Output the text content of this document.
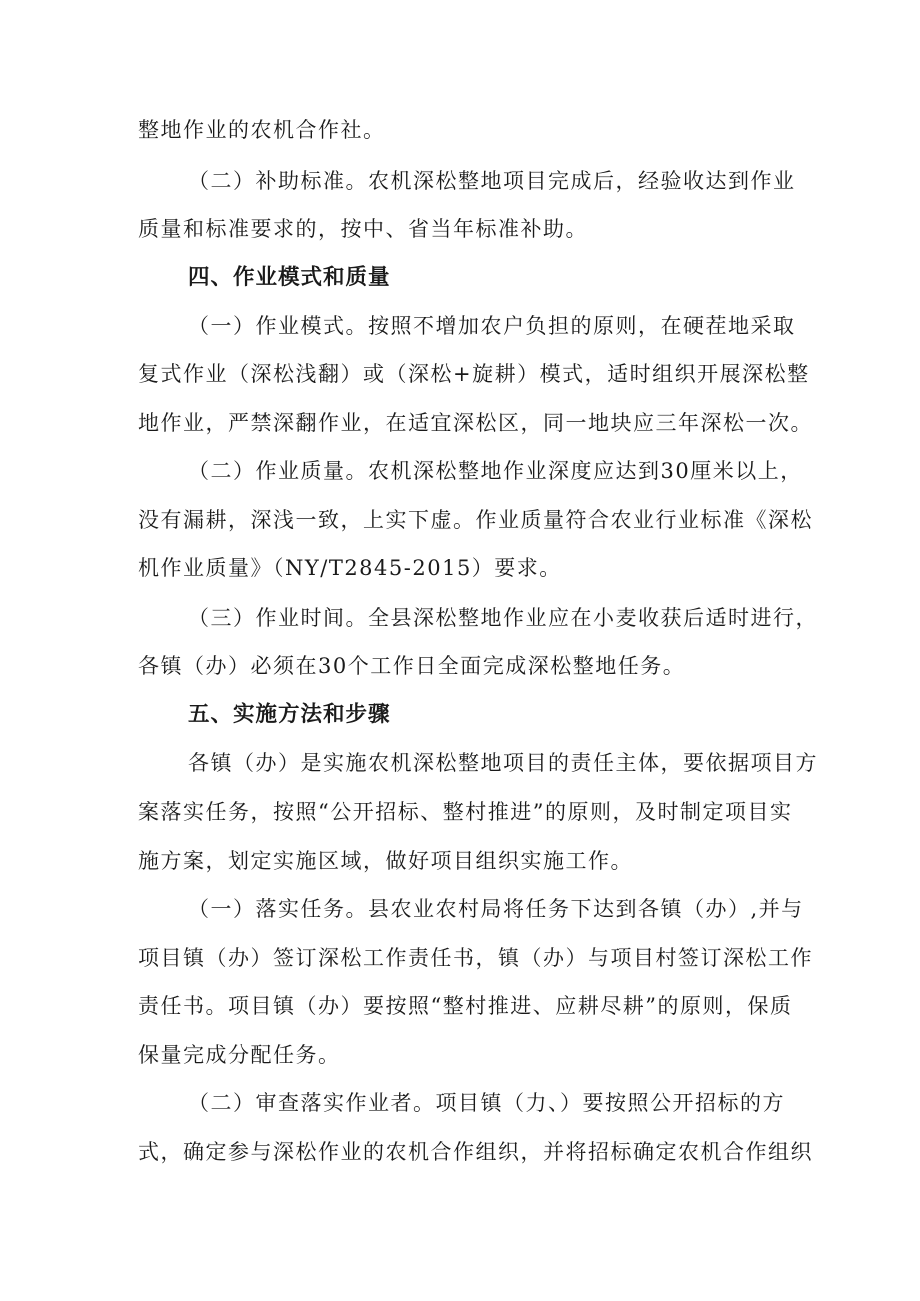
整地作业的农机合作社。
（二）补助标准。农机深松整地项目完成后，经验收达到作业
质量和标准要求的，按中、省当年标准补助。
四、作业模式和质量
（一）作业模式。按照不增加农户负担的原则，在硬茬地采取
复式作业（深松浅翻）或（深松+旋耕）模式，适时组织开展深松整
地作业，严禁深翻作业，在适宜深松区，同一地块应三年深松一次。
（二）作业质量。农机深松整地作业深度应达到30厘米以上，
没有漏耕，深浅一致，上实下虚。作业质量符合农业行业标准《深松
机作业质量》（NY/T2845-2015）要求。
（三）作业时间。全县深松整地作业应在小麦收获后适时进行，
各镇（办）必须在30个工作日全面完成深松整地任务。
五、实施方法和步骤
各镇（办）是实施农机深松整地项目的责任主体，要依据项目方
案落实任务，按照“公开招标、整村推进”的原则，及时制定项目实
施方案，划定实施区域，做好项目组织实施工作。
（一）落实任务。县农业农村局将任务下达到各镇（办）,并与
项目镇（办）签订深松工作责任书，镇（办）与项目村签订深松工作
责任书。项目镇（办）要按照“整村推进、应耕尽耕”的原则，保质
保量完成分配任务。
（二）审查落实作业者。项目镇（力、）要按照公开招标的方
式，确定参与深松作业的农机合作组织，并将招标确定农机合作组织
